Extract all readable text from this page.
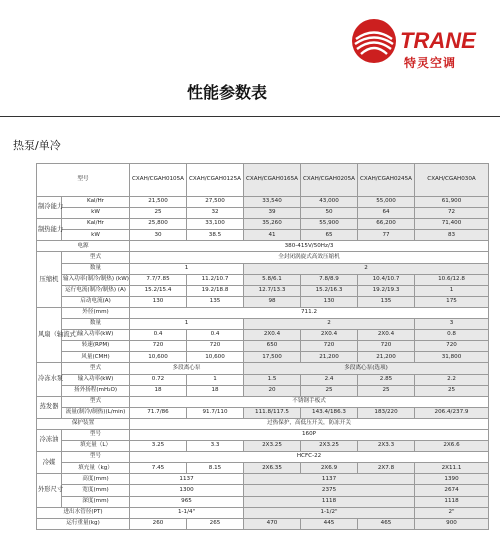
TRANE
特灵空调
性能参数表
热泵/单冷
型号		CXAH/CGAH0105A	CXAH/CGAH0125A	CXAH/CGAH0165A	CXAH/CGAH0205A	CXAH/CGAH0245A	CXAH/CGAH030A
制冷能力	Kal/Hr	21,500	27,500	33,540	43,000	55,000	61,900
	kW	25	32	39	50	64	72
制热能力	Kal/Hr	25,800	33,100	35,260	55,900	66,200	71,400
	kW	30	38.5	41	65	77	83
电源		380-415V/50Hz/3					
压缩机	型式	全封闭涡旋式高效压缩机					
	数量	1		2			
	输入功率(制冷/制热) (kW)	7.7/7.85	11.2/10.7	5.8/6.1	7.8/8.9	10.4/10.7	10.6/12.8
	运行电流(制冷/制热) (A)	15.2/15.4	19.2/18.8	12.7/13.3	15.2/16.3	19.2/19.3	1
	启动电流(A)	130	135	98	130	135	175
风扇（轴流式）	外径(mm)	711.2					
	数量	1		2			3
	输入功率(kW)	0.4	0.4	2X0.4	2X0.4	2X0.4	0.8
	转速(RPM)	720	720	650	720	720	720
	风量(CMH)	10,600	10,600	17,500	21,200	21,200	31,800
冷冻水泵	型式	多段离心泵		多段离心泵(选项)			
	输入功率(kW)	0.72	1	1.5	2.4	2.85	2.2
	扬外扬程(mH₂O)	18	18	20	25	25	25
蒸发器	型式	不锈钢手板式					
	流量(制冷/制热)(L/min)	71.7/86	91.7/110	111.8/117.5	143.4/186.3	183/220	206.4/237.9
保护装置		过热保护，高低压开关，防冻开关					
冷冻油	型号	160P					
	填充量（L）	3.25	3.3	2X3.25	2X3.25	2X3.3	2X6.6
冷媒	型号	HCFC-22					
	填充量（kg）	7.45	8.15	2X6.35	2X6.9	2X7.8	2X11.1
外形尺寸	高度(mm)	1137		1137			1390
	宽度(mm)	1300		2375			2674
	深度(mm)	965		1118			1118
进出水管径(PT)		1-1/4"		1-1/2"			2"
运行重量(kg)		260	265	470	445	465	900
